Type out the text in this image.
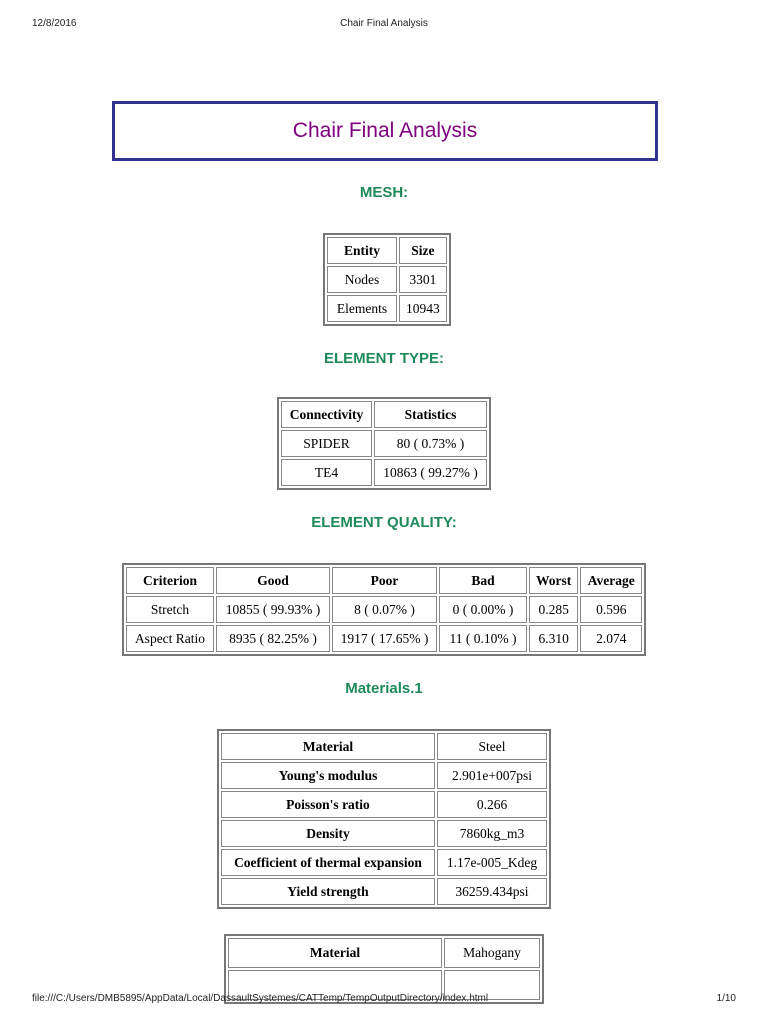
12/8/2016	Chair Final Analysis
Chair Final Analysis
MESH:
Entity	Size
Nodes	3301
Elements	10943
ELEMENT TYPE:
Connectivity	Statistics
SPIDER	80 ( 0.73% )
TE4	10863 ( 99.27% )
ELEMENT QUALITY:
Criterion	Good	Poor	Bad	Worst	Average
Stretch	10855 ( 99.93% )	8 ( 0.07% )	0 ( 0.00% )	0.285	0.596
Aspect Ratio	8935 ( 82.25% )	1917 ( 17.65% )	11 ( 0.10% )	6.310	2.074
Materials.1
Material	Steel
Young's modulus	2.901e+007psi
Poisson's ratio	0.266
Density	7860kg_m3
Coefficient of thermal expansion	1.17e-005_Kdeg
Yield strength	36259.434psi
Material	Mahogany

file:///C:/Users/DMB5895/AppData/Local/DassaultSystemes/CATTemp/TempOutputDirectory/index.html	1/10
